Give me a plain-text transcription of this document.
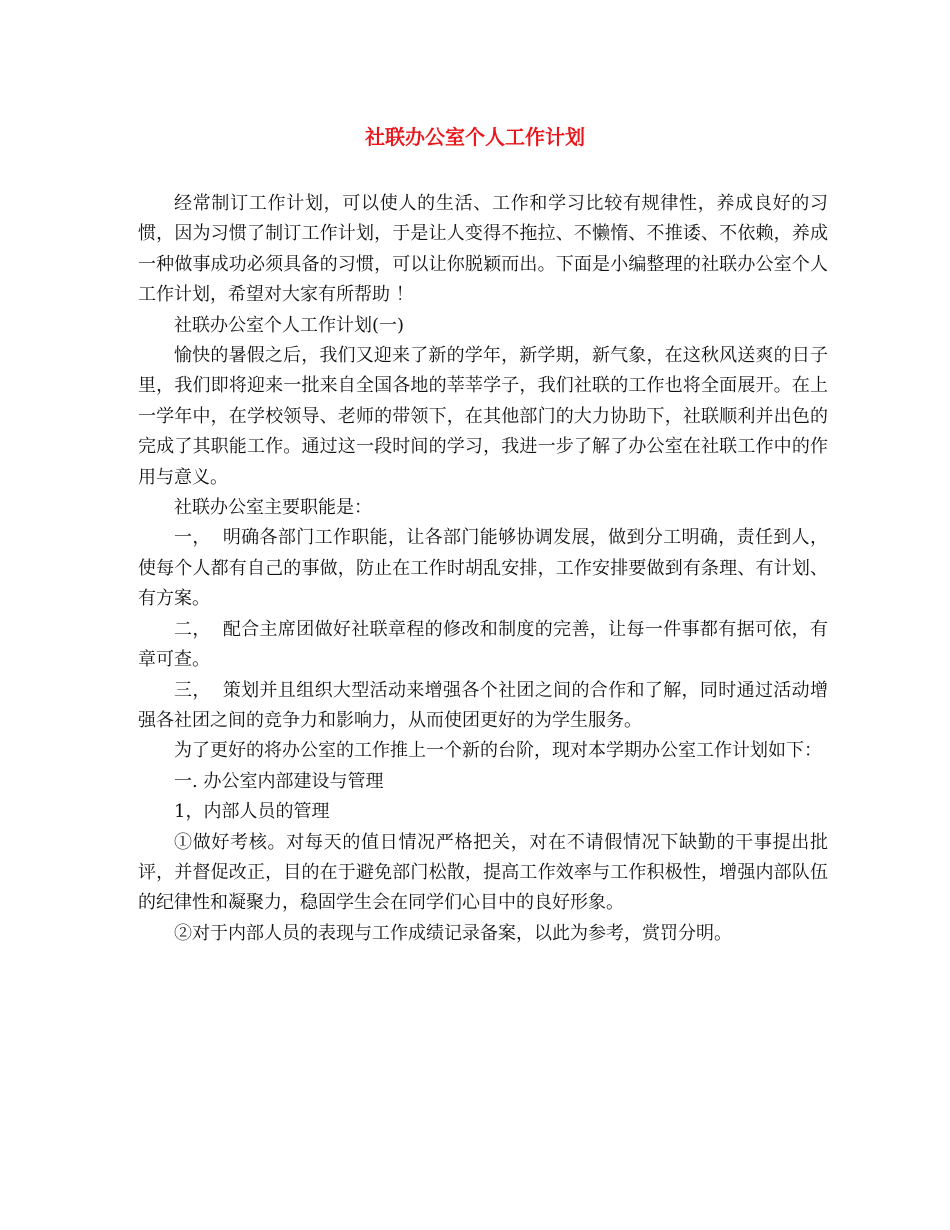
社联办公室个人工作计划

经常制订工作计划，可以使人的生活、工作和学习比较有规律性，养成良好的习惯，因为习惯了制订工作计划，于是让人变得不拖拉、不懒惰、不推诿、不依赖，养成一种做事成功必须具备的习惯，可以让你脱颖而出。下面是小编整理的社联办公室个人工作计划，希望对大家有所帮助 ！

社联办公室个人工作计划(一)

愉快的暑假之后，我们又迎来了新的学年，新学期，新气象，在这秋风送爽的日子里，我们即将迎来一批来自全国各地的莘莘学子，我们社联的工作也将全面展开。在上一学年中，在学校领导、老师的带领下，在其他部门的大力协助下，社联顺利并出色的完成了其职能工作。通过这一段时间的学习，我进一步了解了办公室在社联工作中的作用与意义。

社联办公室主要职能是：

一，  明确各部门工作职能，让各部门能够协调发展，做到分工明确，责任到人，使每个人都有自己的事做，防止在工作时胡乱安排，工作安排要做到有条理、有计划、有方案。

二，  配合主席团做好社联章程的修改和制度的完善，让每一件事都有据可依，有章可查。

三，  策划并且组织大型活动来增强各个社团之间的合作和了解，同时通过活动增强各社团之间的竞争力和影响力，从而使团更好的为学生服务。

为了更好的将办公室的工作推上一个新的台阶，现对本学期办公室工作计划如下：

一. 办公室内部建设与管理

1，内部人员的管理

①做好考核。对每天的值日情况严格把关，对在不请假情况下缺勤的干事提出批评，并督促改正，目的在于避免部门松散，提高工作效率与工作积极性，增强内部队伍的纪律性和凝聚力，稳固学生会在同学们心目中的良好形象。

②对于内部人员的表现与工作成绩记录备案，以此为参考，赏罚分明。
